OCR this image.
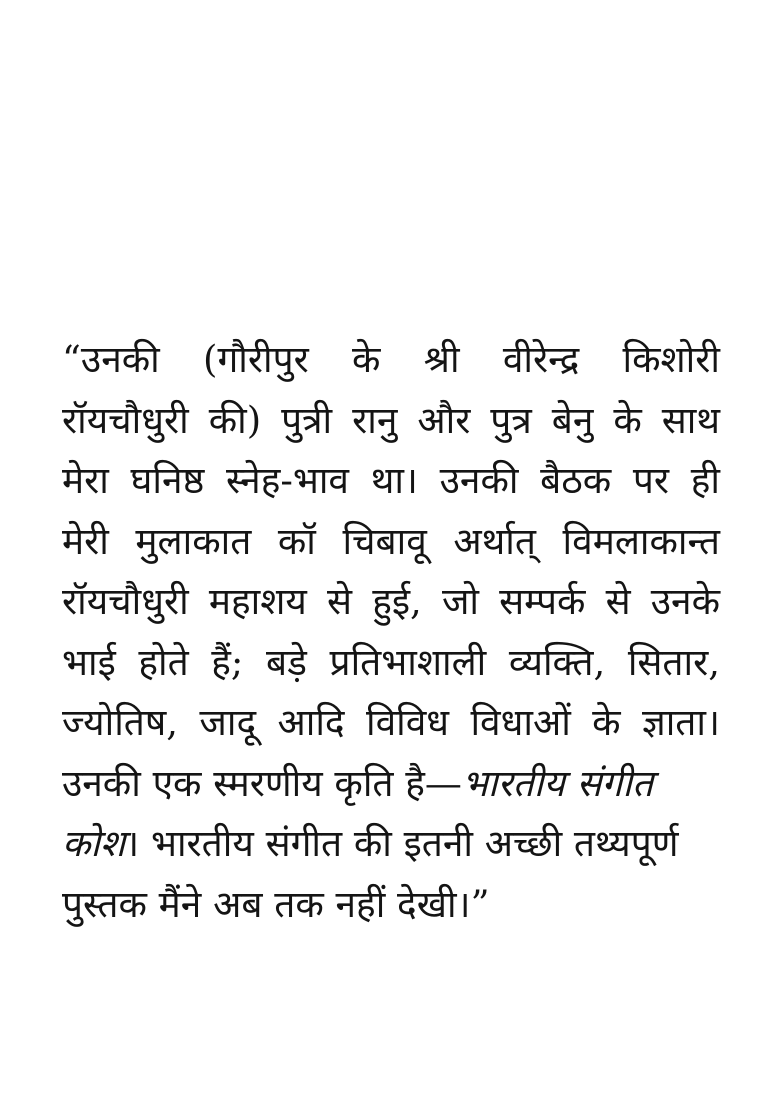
“उनकी (गौरीपुर के श्री वीरेन्द्र किशोरी
रॉयचौधुरी की) पुत्री रानु और पुत्र बेनु के साथ
मेरा घनिष्ठ स्नेह-भाव था। उनकी बैठक पर ही
मेरी मुलाकात कॉ चिबावू अर्थात् विमलाकान्त
रॉयचौधुरी महाशय से हुई, जो सम्पर्क से उनके
भाई होते हैं; बड़े प्रतिभाशाली व्यक्ति, सितार,
ज्योतिष, जादू आदि विविध विधाओं के ज्ञाता।
उनकी एक स्मरणीय कृति है—भारतीय संगीत
कोश। भारतीय संगीत की इतनी अच्छी तथ्यपूर्ण
पुस्तक मैंने अब तक नहीं देखी।”
